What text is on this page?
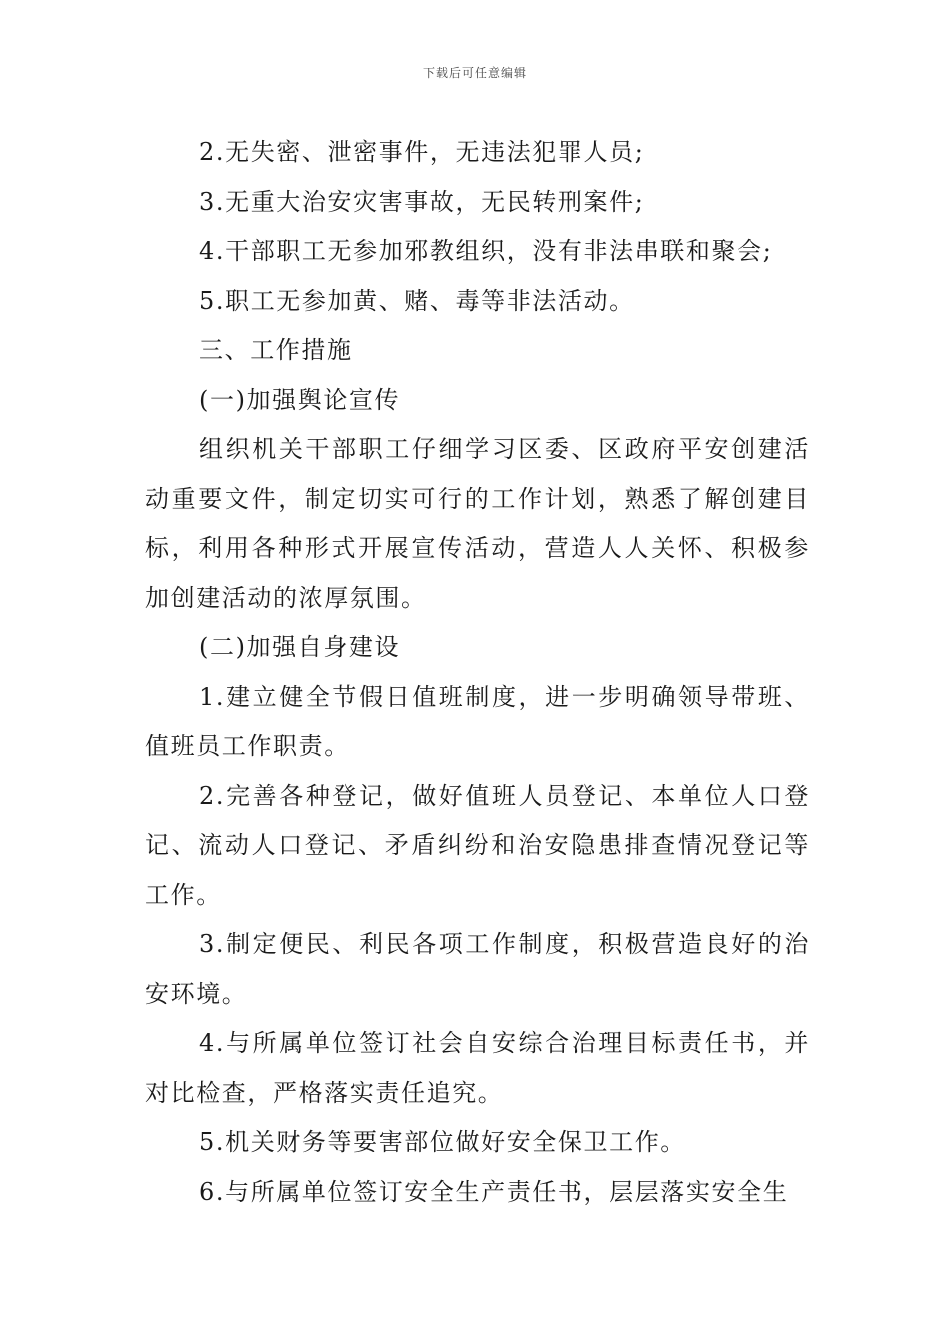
下载后可任意编辑

2.无失密、泄密事件，无违法犯罪人员;

3.无重大治安灾害事故，无民转刑案件;

4.干部职工无参加邪教组织，没有非法串联和聚会;

5.职工无参加黄、赌、毒等非法活动。

三、工作措施

(一)加强舆论宣传

组织机关干部职工仔细学习区委、区政府平安创建活动重要文件，制定切实可行的工作计划，熟悉了解创建目标，利用各种形式开展宣传活动，营造人人关怀、积极参加创建活动的浓厚氛围。

(二)加强自身建设

1.建立健全节假日值班制度，进一步明确领导带班、值班员工作职责。

2.完善各种登记，做好值班人员登记、本单位人口登记、流动人口登记、矛盾纠纷和治安隐患排查情况登记等工作。

3.制定便民、利民各项工作制度，积极营造良好的治安环境。

4.与所属单位签订社会自安综合治理目标责任书，并对比检查，严格落实责任追究。

5.机关财务等要害部位做好安全保卫工作。

6.与所属单位签订安全生产责任书，层层落实安全生
